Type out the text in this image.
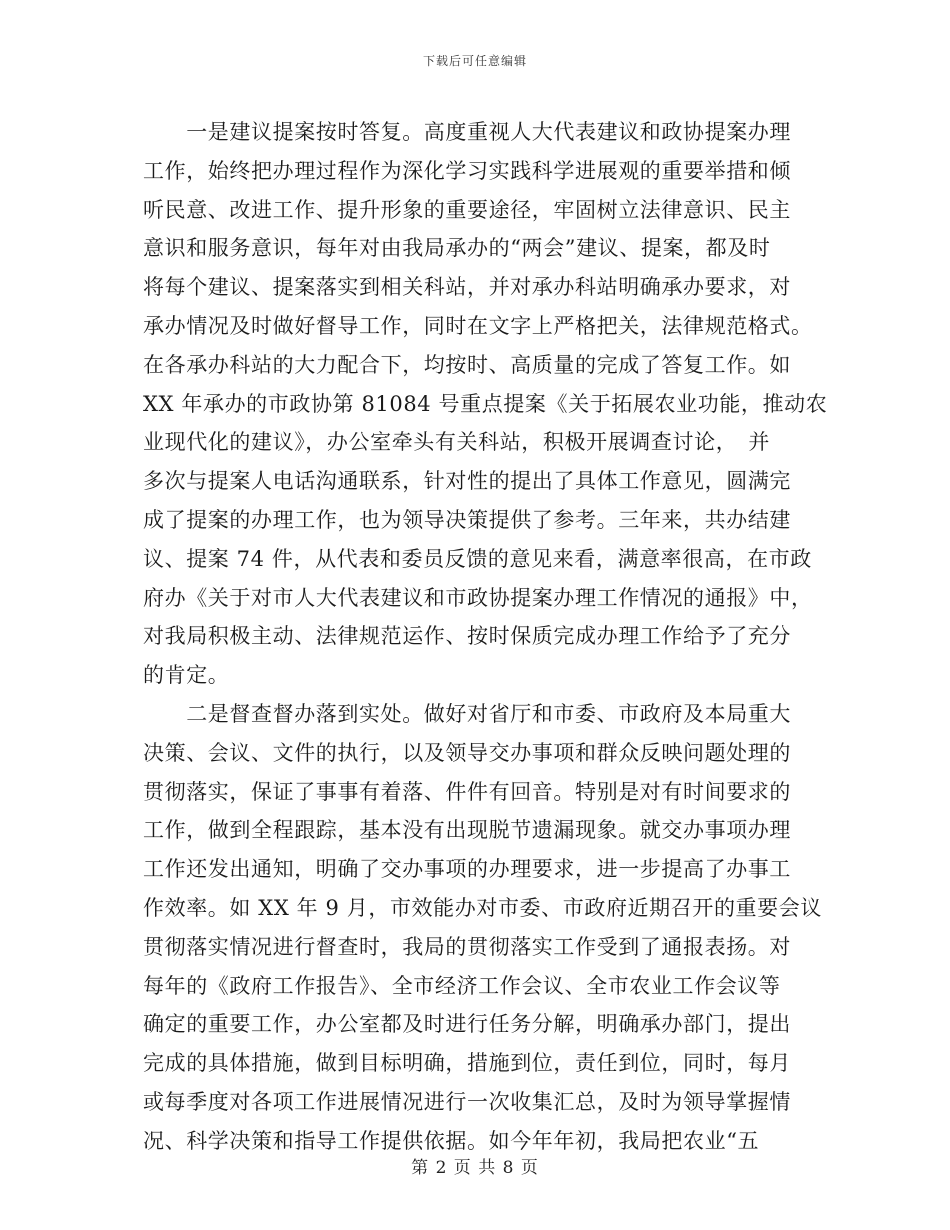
下载后可任意编辑
　　一是建议提案按时答复。高度重视人大代表建议和政协提案办理
工作，始终把办理过程作为深化学习实践科学进展观的重要举措和倾
听民意、改进工作、提升形象的重要途径，牢固树立法律意识、民主
意识和服务意识，每年对由我局承办的“两会”建议、提案，都及时
将每个建议、提案落实到相关科站，并对承办科站明确承办要求，对
承办情况及时做好督导工作，同时在文字上严格把关，法律规范格式。
在各承办科站的大力配合下，均按时、高质量的完成了答复工作。如
XX 年承办的市政协第 81084 号重点提案《关于拓展农业功能，推动农
业现代化的建议》，办公室牵头有关科站，积极开展调查讨论，　并
多次与提案人电话沟通联系，针对性的提出了具体工作意见，圆满完
成了提案的办理工作，也为领导决策提供了参考。三年来，共办结建
议、提案 74 件，从代表和委员反馈的意见来看，满意率很高，在市政
府办《关于对市人大代表建议和市政协提案办理工作情况的通报》中，
对我局积极主动、法律规范运作、按时保质完成办理工作给予了充分
的肯定。
　　二是督查督办落到实处。做好对省厅和市委、市政府及本局重大
决策、会议、文件的执行，以及领导交办事项和群众反映问题处理的
贯彻落实，保证了事事有着落、件件有回音。特别是对有时间要求的
工作，做到全程跟踪，基本没有出现脱节遗漏现象。就交办事项办理
工作还发出通知，明确了交办事项的办理要求，进一步提高了办事工
作效率。如 XX 年 9 月，市效能办对市委、市政府近期召开的重要会议
贯彻落实情况进行督查时，我局的贯彻落实工作受到了通报表扬。对
每年的《政府工作报告》、全市经济工作会议、全市农业工作会议等
确定的重要工作，办公室都及时进行任务分解，明确承办部门，提出
完成的具体措施，做到目标明确，措施到位，责任到位，同时，每月
或每季度对各项工作进展情况进行一次收集汇总，及时为领导掌握情
况、科学决策和指导工作提供依据。如今年年初，我局把农业“五
第 2 页 共 8 页
